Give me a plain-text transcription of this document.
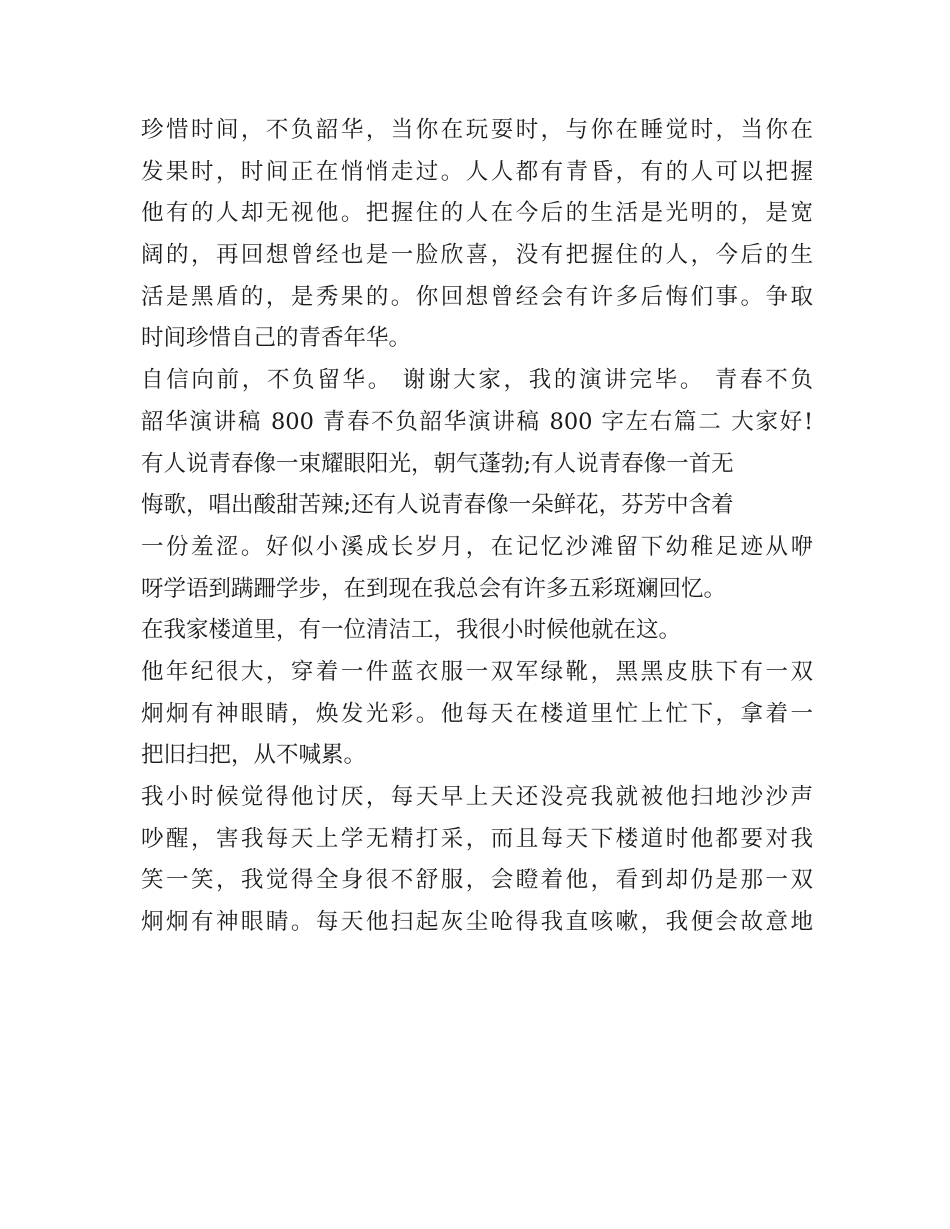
珍惜时间，不负韶华，当你在玩耍时，与你在睡觉时，当你在
发果时，时间正在悄悄走过。人人都有青昏，有的人可以把握
他有的人却无视他。把握住的人在今后的生活是光明的，是宽
阔的，再回想曾经也是一脸欣喜，没有把握住的人，今后的生
活是黑盾的，是秀果的。你回想曾经会有许多后悔们事。争取
时间珍惜自己的青香年华。
自信向前，不负留华。 谢谢大家，我的演讲完毕。 青春不负
韶华演讲稿 800 青春不负韶华演讲稿 800 字左右篇二 大家好!
有人说青春像一束耀眼阳光，朝气蓬勃;有人说青春像一首无
悔歌，唱出酸甜苦辣;还有人说青春像一朵鲜花，芬芳中含着
一份羞涩。好似小溪成长岁月，在记忆沙滩留下幼稚足迹从咿
呀学语到蹒跚学步，在到现在我总会有许多五彩斑斓回忆。
在我家楼道里，有一位清洁工，我很小时候他就在这。
他年纪很大，穿着一件蓝衣服一双军绿靴，黑黑皮肤下有一双
炯炯有神眼睛，焕发光彩。他每天在楼道里忙上忙下，拿着一
把旧扫把，从不喊累。
我小时候觉得他讨厌，每天早上天还没亮我就被他扫地沙沙声
吵醒，害我每天上学无精打采，而且每天下楼道时他都要对我
笑一笑，我觉得全身很不舒服，会瞪着他，看到却仍是那一双
炯炯有神眼睛。每天他扫起灰尘呛得我直咳嗽，我便会故意地
